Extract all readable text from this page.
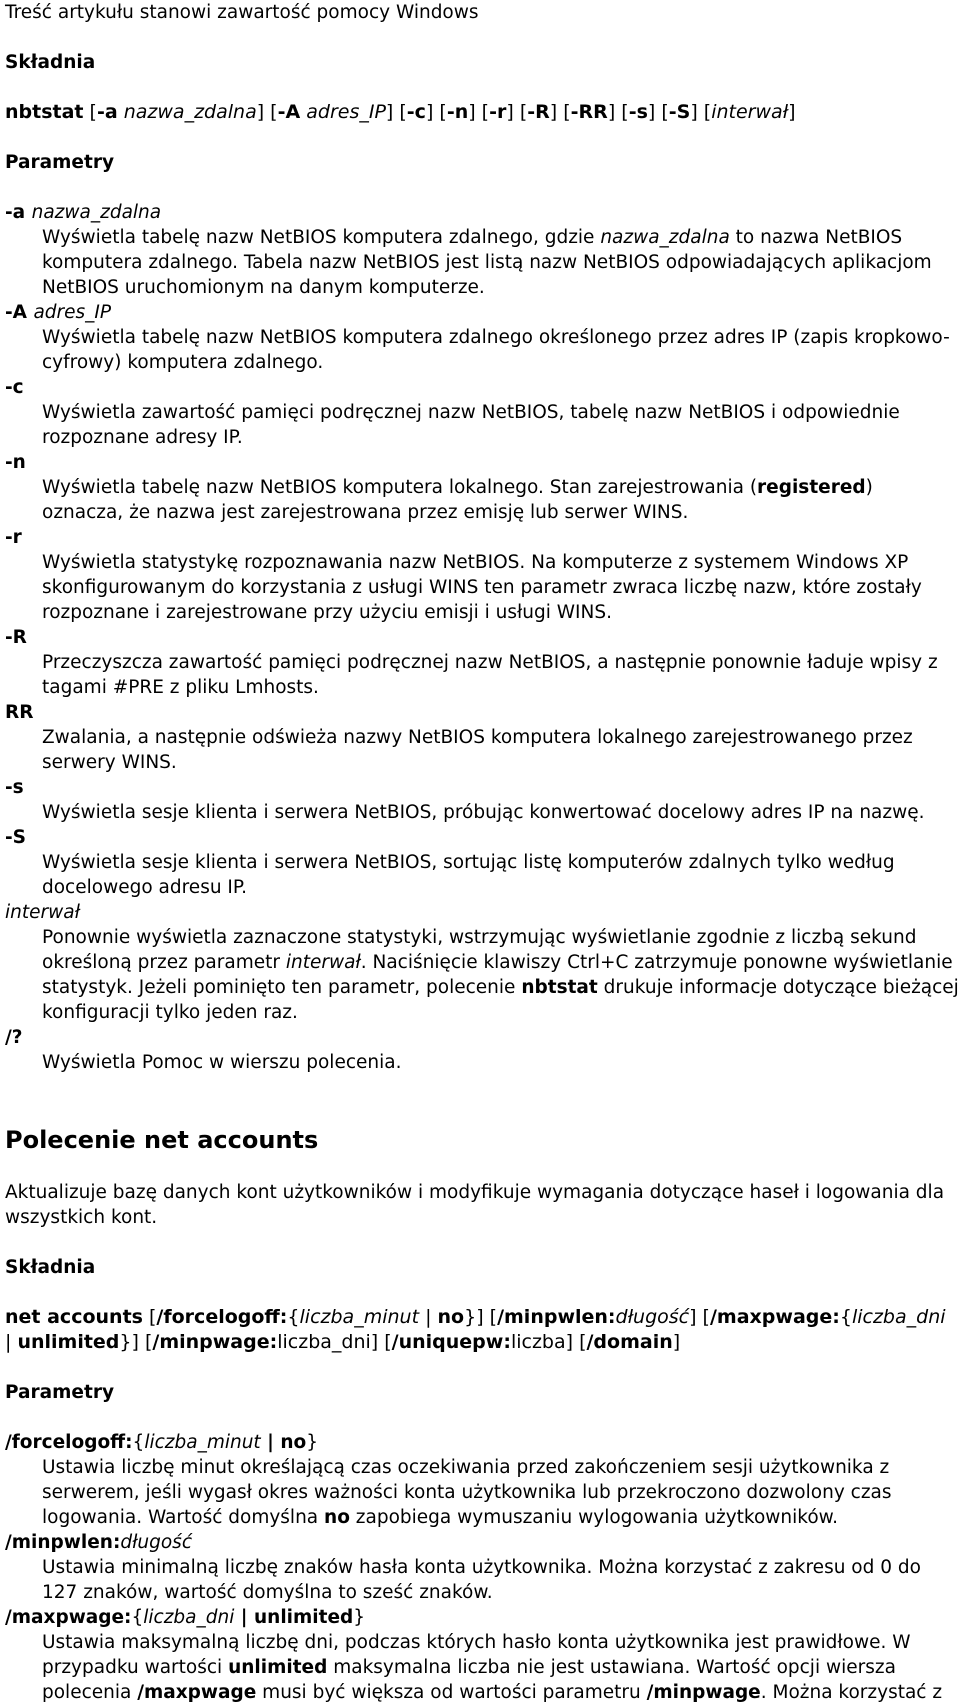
Treść artykułu stanowi zawartość pomocy Windows

Składnia

nbtstat [-a nazwa_zdalna] [-A adres_IP] [-c] [-n] [-r] [-R] [-RR] [-s] [-S] [interwał]

Parametry

-a nazwa_zdalna

Wyświetla tabelę nazw NetBIOS komputera zdalnego, gdzie nazwa_zdalna to nazwa NetBIOS

komputera zdalnego. Tabela nazw NetBIOS jest listą nazw NetBIOS odpowiadających aplikacjom

NetBIOS uruchomionym na danym komputerze.

-A adres_IP

Wyświetla tabelę nazw NetBIOS komputera zdalnego określonego przez adres IP (zapis kropkowo-

cyfrowy) komputera zdalnego.

-c

Wyświetla zawartość pamięci podręcznej nazw NetBIOS, tabelę nazw NetBIOS i odpowiednie

rozpoznane adresy IP.

-n

Wyświetla tabelę nazw NetBIOS komputera lokalnego. Stan zarejestrowania (registered)

oznacza, że nazwa jest zarejestrowana przez emisję lub serwer WINS.

-r

Wyświetla statystykę rozpoznawania nazw NetBIOS. Na komputerze z systemem Windows XP

skonfigurowanym do korzystania z usługi WINS ten parametr zwraca liczbę nazw, które zostały

rozpoznane i zarejestrowane przy użyciu emisji i usługi WINS.

-R

Przeczyszcza zawartość pamięci podręcznej nazw NetBIOS, a następnie ponownie ładuje wpisy z

tagami #PRE z pliku Lmhosts.

RR

Zwalania, a następnie odświeża nazwy NetBIOS komputera lokalnego zarejestrowanego przez

serwery WINS.

-s

Wyświetla sesje klienta i serwera NetBIOS, próbując konwertować docelowy adres IP na nazwę.

-S

Wyświetla sesje klienta i serwera NetBIOS, sortując listę komputerów zdalnych tylko według

docelowego adresu IP.

interwał

Ponownie wyświetla zaznaczone statystyki, wstrzymując wyświetlanie zgodnie z liczbą sekund

określoną przez parametr interwał. Naciśnięcie klawiszy Ctrl+C zatrzymuje ponowne wyświetlanie

statystyk. Jeżeli pominięto ten parametr, polecenie nbtstat drukuje informacje dotyczące bieżącej

konfiguracji tylko jeden raz.

/?

Wyświetla Pomoc w wierszu polecenia.

Polecenie net accounts

Aktualizuje bazę danych kont użytkowników i modyfikuje wymagania dotyczące haseł i logowania dla

wszystkich kont.

Składnia

net accounts [/forcelogoff:{liczba_minut | no}] [/minpwlen:długość] [/maxpwage:{liczba_dni

| unlimited}] [/minpwage:liczba_dni] [/uniquepw:liczba] [/domain]

Parametry

/forcelogoff:{liczba_minut | no}

Ustawia liczbę minut określającą czas oczekiwania przed zakończeniem sesji użytkownika z

serwerem, jeśli wygasł okres ważności konta użytkownika lub przekroczono dozwolony czas

logowania. Wartość domyślna no zapobiega wymuszaniu wylogowania użytkowników.

/minpwlen:długość

Ustawia minimalną liczbę znaków hasła konta użytkownika. Można korzystać z zakresu od 0 do

127 znaków, wartość domyślna to sześć znaków.

/maxpwage:{liczba_dni | unlimited}

Ustawia maksymalną liczbę dni, podczas których hasło konta użytkownika jest prawidłowe. W

przypadku wartości unlimited maksymalna liczba nie jest ustawiana. Wartość opcji wiersza

polecenia /maxpwage musi być większa od wartości parametru /minpwage. Można korzystać z
